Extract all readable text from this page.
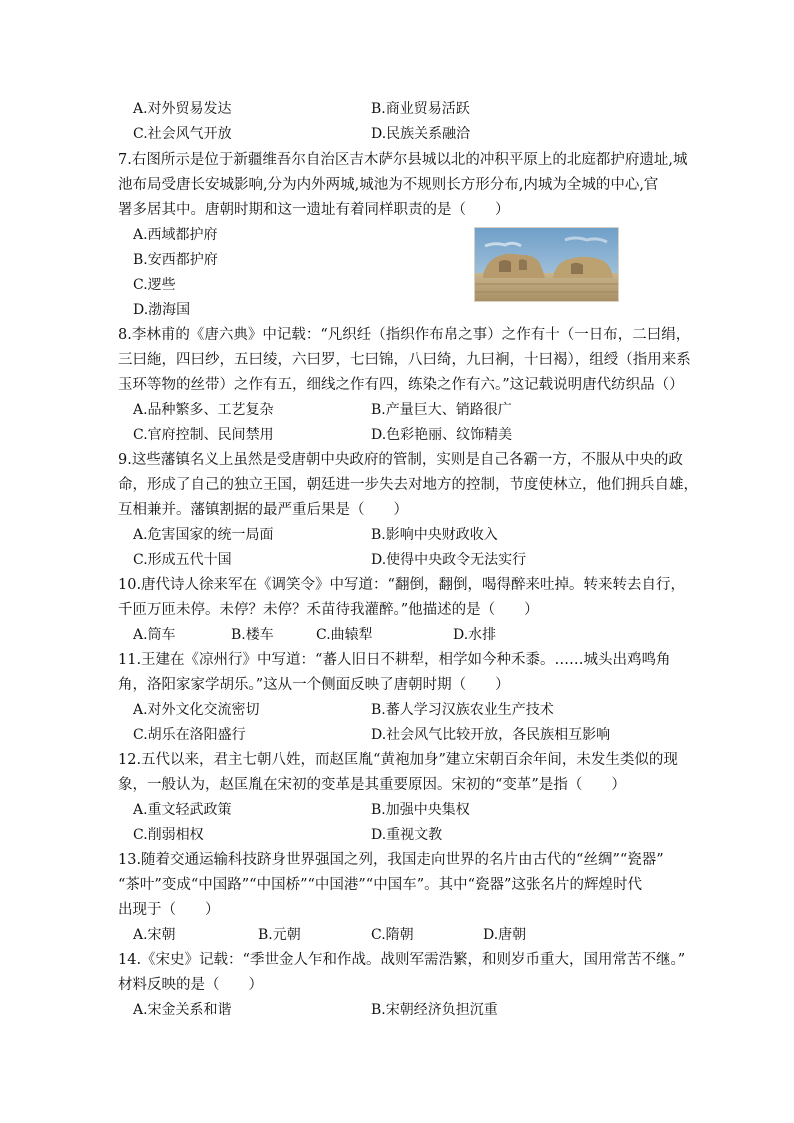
A.对外贸易发达	B.商业贸易活跃
C.社会风气开放	D.民族关系融洽
7.右图所示是位于新疆维吾尔自治区吉木萨尔县城以北的冲积平原上的北庭都护府遗址,城
池布局受唐长安城影响,分为内外两城,城池为不规则长方形分布,内城为全城的中心,官
署多居其中。唐朝时期和这一遗址有着同样职责的是（　　）
A.西域都护府
B.安西都护府
C.逻些
D.渤海国
8.李林甫的《唐六典》中记载：“凡织纴（指织作布帛之事）之作有十（一日布，二曰绢，
三曰絁，四曰纱，五曰绫，六曰罗，七曰锦，八曰绮，九曰裥，十曰褐），组绶（指用来系
玉环等物的丝带）之作有五，细线之作有四，练染之作有六。”这记载说明唐代纺织品（）
A.品种繁多、工艺复杂	B.产量巨大、销路很广
C.官府控制、民间禁用	D.色彩艳丽、纹饰精美
9.这些藩镇名义上虽然是受唐朝中央政府的管制，实则是自己各霸一方，不服从中央的政
命，形成了自己的独立王国，朝廷进一步失去对地方的控制，节度使林立，他们拥兵自雄，
互相兼并。藩镇割据的最严重后果是（　　）
A.危害国家的统一局面	B.影响中央财政收入
C.形成五代十国	D.使得中央政令无法实行
10.唐代诗人徐来军在《调笑令》中写道：“翻倒，翻倒，喝得醉来吐掉。转来转去自行，
千匝万匝未停。未停？未停？禾苗待我灌醉。”他描述的是（　　）
A.筒车	B.楼车	C.曲辕犁	D.水排
11.王建在《凉州行》中写道：“蕃人旧日不耕犁，相学如今种禾黍。……城头出鸡鸣角
角，洛阳家家学胡乐。”这从一个侧面反映了唐朝时期（　　）
A.对外文化交流密切	B.蕃人学习汉族农业生产技术
C.胡乐在洛阳盛行	D.社会风气比较开放，各民族相互影响
12.五代以来，君主七朝八姓，而赵匡胤“黄袍加身”建立宋朝百余年间，未发生类似的现
象，一般认为，赵匡胤在宋初的变革是其重要原因。宋初的“变革”是指（　　）
A.重文轻武政策	B.加强中央集权
C.削弱相权	D.重视文教
13.随着交通运输科技跻身世界强国之列，我国走向世界的名片由古代的“丝绸”“瓷器”
“茶叶”变成“中国路”“中国桥”“中国港”“中国车”。其中“瓷器”这张名片的辉煌时代
出现于（　　）
A.宋朝	B.元朝	C.隋朝	D.唐朝
14.《宋史》记载：“季世金人乍和作战。战则军需浩繁，和则岁币重大，国用常苦不继。”
材料反映的是（　　）
A.宋金关系和谐	B.宋朝经济负担沉重
